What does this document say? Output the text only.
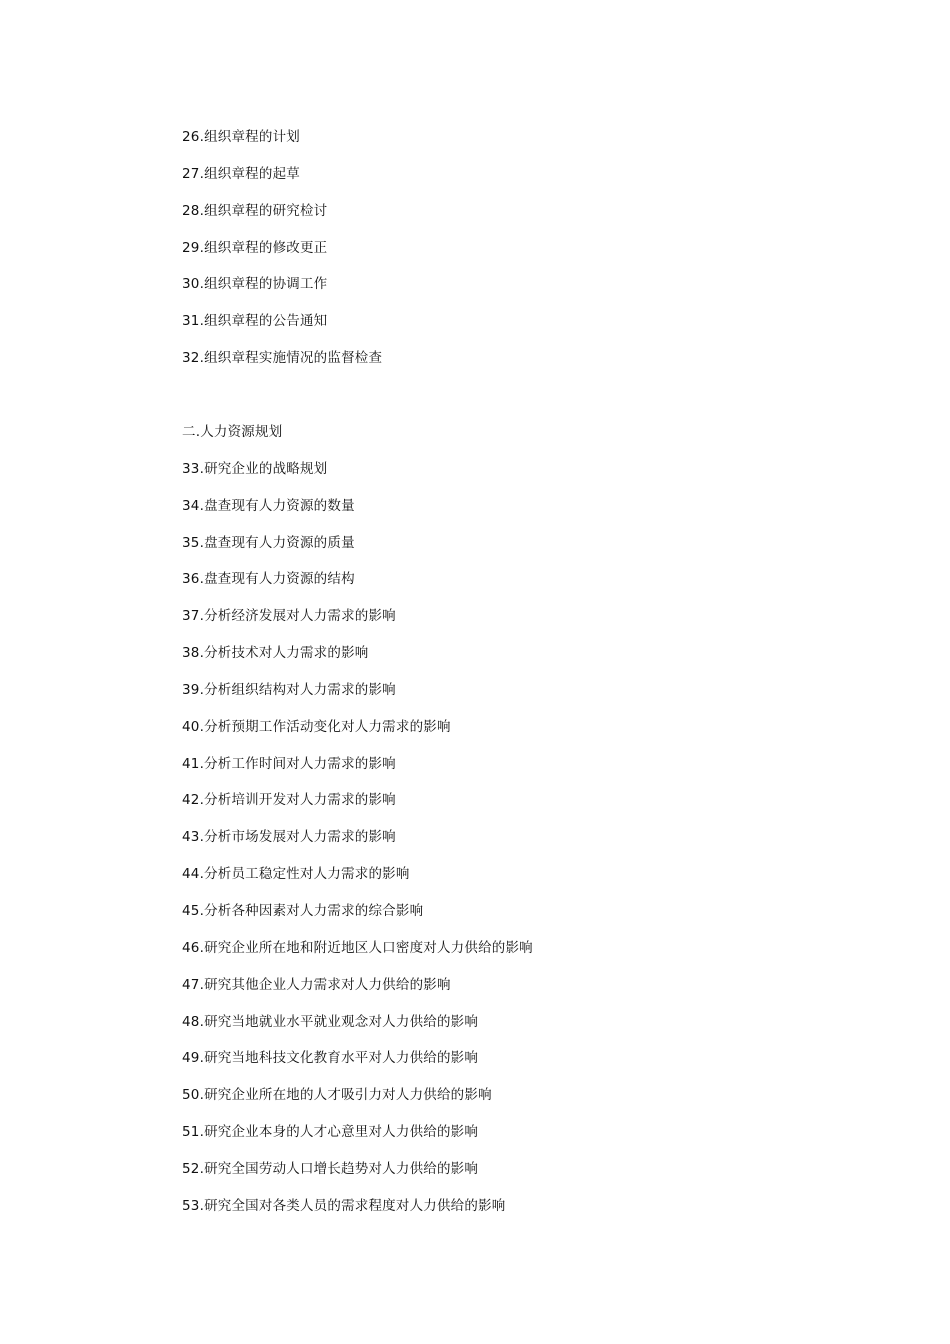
26.组织章程的计划
27.组织章程的起草
28.组织章程的研究检讨
29.组织章程的修改更正
30.组织章程的协调工作
31.组织章程的公告通知
32.组织章程实施情况的监督检查
二.人力资源规划
33.研究企业的战略规划
34.盘查现有人力资源的数量
35.盘查现有人力资源的质量
36.盘查现有人力资源的结构
37.分析经济发展对人力需求的影响
38.分析技术对人力需求的影响
39.分析组织结构对人力需求的影响
40.分析预期工作活动变化对人力需求的影响
41.分析工作时间对人力需求的影响
42.分析培训开发对人力需求的影响
43.分析市场发展对人力需求的影响
44.分析员工稳定性对人力需求的影响
45.分析各种因素对人力需求的综合影响
46.研究企业所在地和附近地区人口密度对人力供给的影响
47.研究其他企业人力需求对人力供给的影响
48.研究当地就业水平就业观念对人力供给的影响
49.研究当地科技文化教育水平对人力供给的影响
50.研究企业所在地的人才吸引力对人力供给的影响
51.研究企业本身的人才心意里对人力供给的影响
52.研究全国劳动人口增长趋势对人力供给的影响
53.研究全国对各类人员的需求程度对人力供给的影响
